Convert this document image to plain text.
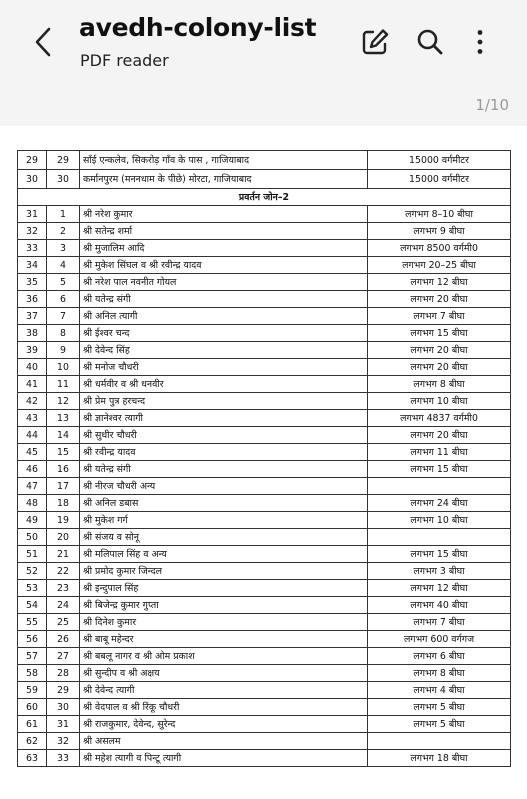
avedh-colony-list
PDF reader
1/10
29	29	साँई एन्कलेव, सिकरोड़ गाँव के पास , गाजियाबाद	15000 वर्गमीटर
30	30	कर्मानपुरम (मननधाम के पीछे) मोरटा, गाजियाबाद	15000 वर्गमीटर
प्रवर्तन जोन–2			
31	1	श्री नरेश कुमार	लगभग 8–10 बीघा
32	2	श्री सतेन्द्र शर्मा	लगभग 9 बीघा
33	3	श्री मुजालिम आदि	लगभग 8500 वर्गमी0
34	4	श्री मुकेश सिंघल व श्री रवीन्द्र यादव	लगभग 20–25 बीघा
35	5	श्री नरेश पाल नवनीत गोयल	लगभग 12 बीघा
36	6	श्री यतेन्द्र संगी	लगभग 20 बीघा
37	7	श्री अनिल त्यागी	लगभग 7 बीघा
38	8	श्री ईश्वर चन्द	लगभग 15 बीघा
39	9	श्री देवेन्द सिंह	लगभग 20 बीघा
40	10	श्री मनोज चौधरी	लगभग 20 बीघा
41	11	श्री धर्मवीर व श्री धनवीर	लगभग 8 बीघा
42	12	श्री प्रेम पुत्र हरचन्द	लगभग 10 बीघा
43	13	श्री ज्ञानेश्वर त्यागी	लगभग 4837 वर्गमी0
44	14	श्री सुधीर चौधरी	लगभग 20 बीघा
45	15	श्री रवीन्द्र यादव	लगभग 11 बीघा
46	16	श्री यतेन्द्र संगी	लगभग 15 बीघा
47	17	श्री नीरज चौधरी अन्य	
48	18	श्री अनिल डबास	लगभग 24 बीघा
49	19	श्री मुकेश गर्ग	लगभग 10 बीघा
50	20	श्री संजय व सोनू	
51	21	श्री मलिपाल सिंह व अन्य	लगभग 15 बीघा
52	22	श्री प्रमोद कुमार जिन्दल	लगभग 3 बीघा
53	23	श्री इन्दुपाल सिंह	लगभग 12 बीघा
54	24	श्री बिजेन्द्र कुमार गुप्ता	लगभग 40 बीघा
55	25	श्री दिनेश कुमार	लगभग 7 बीघा
56	26	श्री बाबू महेन्दर	लगभग 600 वर्गगज
57	27	श्री बबलू नागर व श्री ओम प्रकाश	लगभग 6 बीघा
58	28	श्री सुन्दीप व श्री अक्षय	लगभग 8 बीघा
59	29	श्री देवेन्द त्यागी	लगभग 4 बीघा
60	30	श्री वेदपाल व श्री रिंकू चौधरी	लगभग 5 बीघा
61	31	श्री राजकुमार, देवेन्द, सुरेन्द	लगभग 5 बीघा
62	32	श्री असलम	
63	33	श्री महेश त्यागी व पिन्टू त्यागी	लगभग 18 बीघा
